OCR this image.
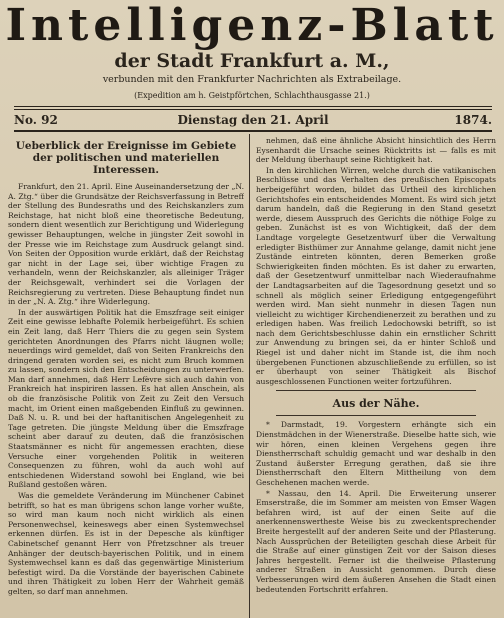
Intelligenz-Blatt
der Stadt Frankfurt a. M.,
verbunden mit den Frankfurter Nachrichten als Extrabeilage.
(Expedition am h. Geistpförtchen, Schlachthausgasse 21.)
No. 92	Dienstag den 21. April	1874.
Ueberblick der Ereignisse im Gebiete der politischen und materiellen Interessen.

Frankfurt, den 21. April. Eine Auseinandersetzung der „N. A. Ztg.“ über die Grundsätze der Reichsverfassung in Betreff der Stellung des Bundesraths und des Reichskanzlers zum Reichstage, hat nicht bloß eine theoretische Bedeutung, sondern dient wesentlich zur Berichtigung und Widerlegung gewisser Behauptungen, welche in jüngster Zeit sowohl in der Presse wie im Reichstage zum Ausdruck gelangt sind. Von Seiten der Opposition wurde erklärt, daß der Reichstag gar nicht in der Lage sei, über wichtige Fragen zu verhandeln, wenn der Reichskanzler, als alleiniger Träger der Reichsgewalt, verhindert sei die Vorlagen der Reichsregierung zu vertreten. Diese Behauptung findet nun in der „N. A. Ztg.“ ihre Widerlegung.

In der auswärtigen Politik hat die Emszfrage seit einiger Zeit eine gewisse lebhafte Polemik herbeigeführt. Es schien ein Zeit lang, daß Herr Thiers die zu gegen sein System gerichteten Anordnungen des Pfarrs nicht läugnen wolle; neuerdings wird gemeldet, daß von Seiten Frankreichs den dringend geraten worden sei, es nicht zum Bruch kommen zu lassen, sondern sich den Entscheidungen zu unterwerfen. Man darf annehmen, daß Herr Lefèvre sich auch dahin von Frankreich hat inspiriren lassen. Es hat allen Anschein, als ob die französische Politik von Zeit zu Zeit den Versuch macht, im Orient einen maßgebenden Einfluß zu gewinnen. Daß N. u. R. und bei der haftanitischen Angelegenheit zu Tage getreten. Die jüngste Meldung über die Emszfrage scheint aber darauf zu deuten, daß die französischen Staatsmänner es nicht für angemessen erachten, diese Versuche einer vorgehenden Politik in weiteren Consequenzen zu führen, wohl da auch wohl auf entschiedenen Widerstand sowohl bei England, wie bei Rußland gestoßen wären.

Was die gemeldete Veränderung im Münchener Cabinet betrifft, so hat es man übrigens schon lange vorher wußte, so wird man kaum noch nicht wirklich als einen Personenwechsel, keineswegs aber einen Systemwechsel erkennen dürfen. Es ist in der Depesche als künftiger Cabinetschef genannt Herr von Pfretzschner als treuer Anhänger der deutsch-bayerischen Politik, und in einem Systemwechsel kann es daß das gegenwärtige Ministerium befestigt wird. Da die Vorstände der bayerischen Cabinete und ihren Thätigkeit zu loben Herr der Wahrheit gemäß gelten, so darf man annehmen.

nehmen, daß eine ähnliche Absicht hinsichtlich des Herrn Eysenhardt die Ursache seines Rücktritts ist — falls es mit der Meldung überhaupt seine Richtigkeit hat.

In den kirchlichen Wirren, welche durch die vatikanischen Beschlüsse und das Verhalten des preußischen Episcopats herbeigeführt worden, bildet das Urtheil des kirchlichen Gerichtshofes ein entscheidendes Moment. Es wird sich jetzt darum handeln, daß die Regierung in den Stand gesetzt werde, diesem Ausspruch des Gerichts die nöthige Folge zu geben. Zunächst ist es von Wichtigkeit, daß der dem Landtage vorgelegte Gesetzentwurf über die Verwaltung erledigter Bisthümer zur Annahme gelange, damit nicht jene Zustände eintreten könnten, deren Bemerken große Schwierigkeiten finden möchten. Es ist daher zu erwarten, daß der Gesetzentwurf unmittelbar nach Wiederaufnahme der Landtagsarbeiten auf die Tagesordnung gesetzt und so schnell als möglich seiner Erledigung entgegengeführt werden wird. Man sieht nunmehr in diesen Tagen nun vielleicht zu wichtiger Kirchendienerzeit zu berathen und zu erledigen haben. Was freilich Ledochowski betrifft, so ist nach dem Gerichtsbeschlusse dahin ein ernstlicher Schritt zur Anwendung zu bringen sei, da er hinter Schloß und Riegel ist und daher nicht im Stande ist, die ihm noch übergebenen Functionen abzuschließende zu erfüllen, so ist er überhaupt von seiner Thätigkeit als Bischof ausgeschlossenen Functionen weiter fortzuführen.

Aus der Nähe.

* Darmstadt, 19. Vorgestern erhängte sich ein Dienstmädchen in der Wienerstraße. Dieselbe hatte sich, wie wir hören, einen kleinen Vergehens gegen ihre Dienstherrschaft schuldig gemacht und war deshalb in den Zustand äußerster Erregung gerathen, daß sie ihre Dienstherrschaft den Eltern Mittheilung von dem Geschehenen machen werde.

* Nassau, den 14. April. Die Erweiterung unserer Emserstraße, die im Sommer am meisten von Emser Wagen befahren wird, ist auf der einen Seite auf die anerkennenswertheste Weise bis zu zweckentsprechender Breite hergestellt auf der anderen Seite und der Pflasterung. Nach Aussprüchen der Beteiligten geschah diese Arbeit für die Straße auf einer günstigen Zeit vor der Saison dieses Jahres hergestellt. Ferner ist die theilweise Pflasterung anderer Straßen in Aussicht genommen. Durch diese Verbesserungen wird dem äußeren Ansehen die Stadt einen bedeutenden Fortschritt erfahren.
